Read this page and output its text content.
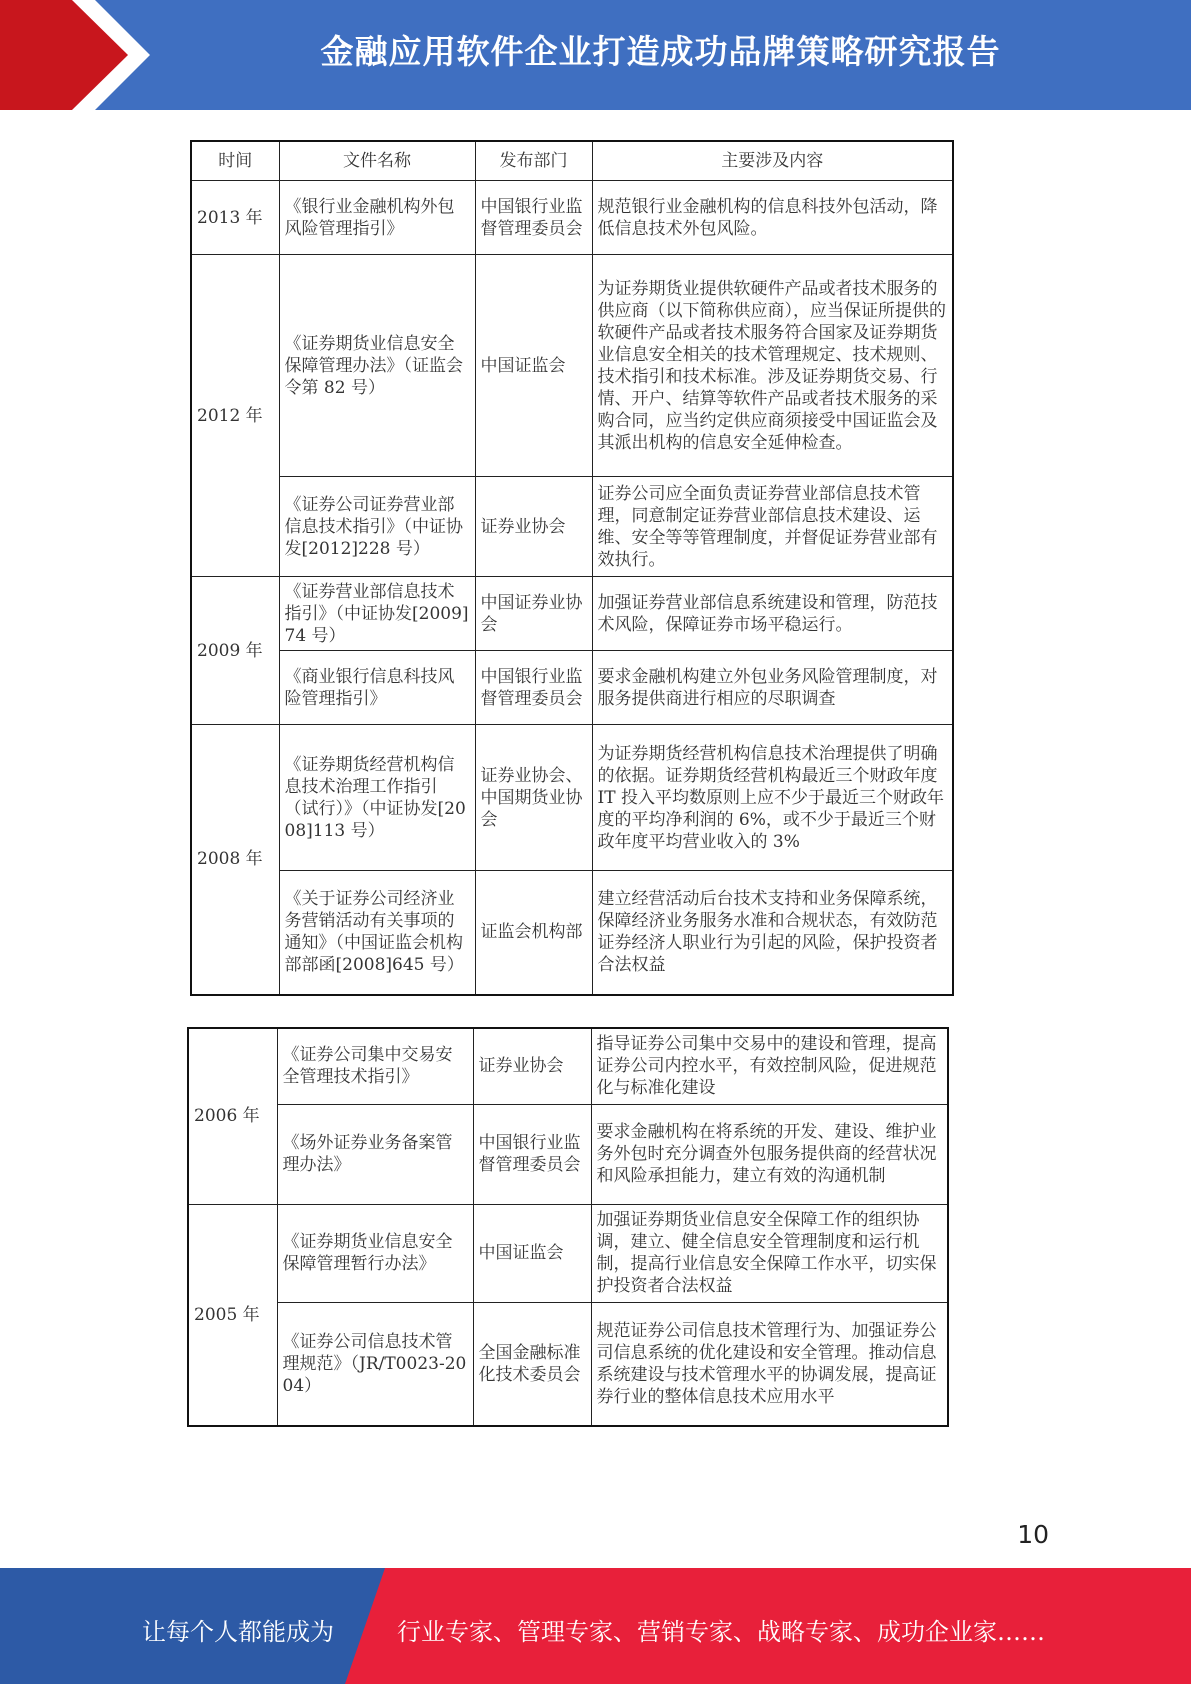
金融应用软件企业打造成功品牌策略研究报告
时间	文件名称	发布部门	主要涉及内容
2013 年	《银行业金融机构外包风险管理指引》	中国银行业监督管理委员会	规范银行业金融机构的信息科技外包活动，降低信息技术外包风险。
2012 年	《证券期货业信息安全保障管理办法》（证监会令第 82 号）	中国证监会	为证券期货业提供软硬件产品或者技术服务的供应商（以下简称供应商），应当保证所提供的软硬件产品或者技术服务符合国家及证券期货业信息安全相关的技术管理规定、技术规则、技术指引和技术标准。涉及证券期货交易、行情、开户、结算等软件产品或者技术服务的采购合同，应当约定供应商须接受中国证监会及其派出机构的信息安全延伸检查。
	《证券公司证券营业部信息技术指引》（中证协发[2012]228 号）	证券业协会	证券公司应全面负责证券营业部信息技术管理，同意制定证券营业部信息技术建设、运维、安全等等管理制度，并督促证券营业部有效执行。
2009 年	《证券营业部信息技术指引》（中证协发[2009]74 号）	中国证券业协会	加强证券营业部信息系统建设和管理，防范技术风险，保障证券市场平稳运行。
	《商业银行信息科技风险管理指引》	中国银行业监督管理委员会	要求金融机构建立外包业务风险管理制度，对服务提供商进行相应的尽职调查
2008 年	《证券期货经营机构信息技术治理工作指引（试行）》（中证协发[2008]113 号）	证券业协会、中国期货业协会	为证券期货经营机构信息技术治理提供了明确的依据。证券期货经营机构最近三个财政年度 IT 投入平均数原则上应不少于最近三个财政年度的平均净利润的 6%，或不少于最近三个财政年度平均营业收入的 3%
	《关于证券公司经济业务营销活动有关事项的通知》（中国证监会机构部部函[2008]645 号）	证监会机构部	建立经营活动后台技术支持和业务保障系统，保障经济业务服务水准和合规状态，有效防范证券经济人职业行为引起的风险，保护投资者合法权益
2006 年	《证券公司集中交易安全管理技术指引》	证券业协会	指导证券公司集中交易中的建设和管理，提高证券公司内控水平，有效控制风险，促进规范化与标准化建设
	《场外证券业务备案管理办法》	中国银行业监督管理委员会	要求金融机构在将系统的开发、建设、维护业务外包时充分调查外包服务提供商的经营状况和风险承担能力，建立有效的沟通机制
2005 年	《证券期货业信息安全保障管理暂行办法》	中国证监会	加强证券期货业信息安全保障工作的组织协调，建立、健全信息安全管理制度和运行机制，提高行业信息安全保障工作水平，切实保护投资者合法权益
	《证券公司信息技术管理规范》（JR/T0023-2004）	全国金融标准化技术委员会	规范证券公司信息技术管理行为、加强证券公司信息系统的优化建设和安全管理。推动信息系统建设与技术管理水平的协调发展，提高证券行业的整体信息技术应用水平
10
让每个人都能成为	行业专家、管理专家、营销专家、战略专家、成功企业家……
